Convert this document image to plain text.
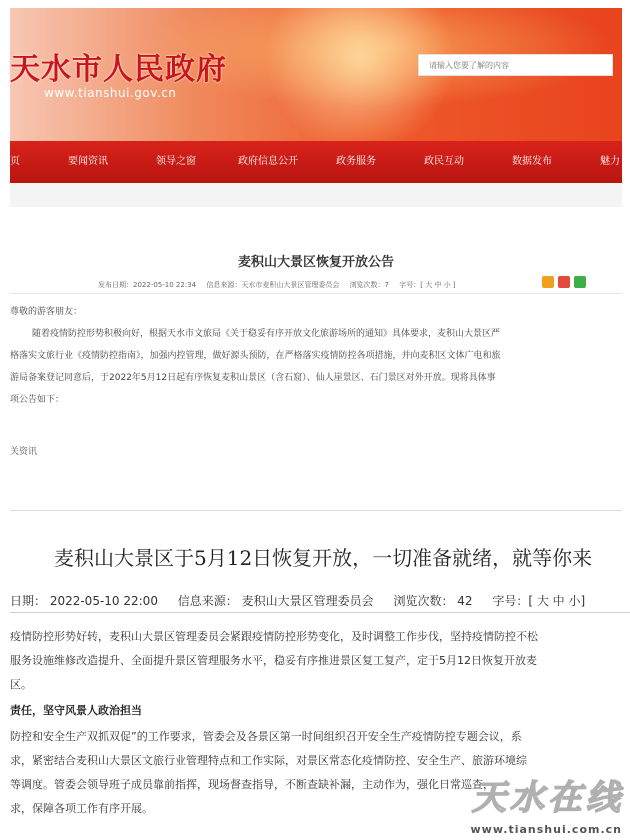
天水市人民政府
www.tianshui.gov.cn
请输入您要了解的内容
页	要闻资讯	领导之窗	政府信息公开	政务服务	政民互动	数据发布	魅力
麦积山大景区恢复开放公告
发布日期：2022-05-10 22:34 信息来源：天水市麦积山大景区管理委员会 浏览次数：7 字号：[ 大 中 小 ]
尊敬的游客朋友：
随着疫情防控形势积极向好，根据天水市文旅局《关于稳妥有序开放文化旅游场所的通知》具体要求，麦积山大景区严
格落实文旅行业《疫情防控指南》，加强内控管理，做好源头预防，在严格落实疫情防控各项措施，并向麦积区文体广电和旅
游局备案登记同意后，于2022年5月12日起有序恢复麦积山景区（含石窟）、仙人崖景区、石门景区对外开放。现将具体事
项公告如下：
关资讯
麦积山大景区于5月12日恢复开放，一切准备就绪，就等你来
日期： 2022-05-10 22:00 信息来源： 麦积山大景区管理委员会 浏览次数： 42 字号：[ 大 中 小]
疫情防控形势好转，麦积山大景区管理委员会紧跟疫情防控形势变化，及时调整工作步伐，坚持疫情防控不松
服务设施维修改造提升、全面提升景区管理服务水平，稳妥有序推进景区复工复产，定于5月12日恢复开放麦
区。
责任，坚守风景人政治担当
防控和安全生产双抓双促”的工作要求，管委会及各景区第一时间组织召开安全生产疫情防控专题会议，系
求，紧密结合麦积山大景区文旅行业管理特点和工作实际，对景区常态化疫情防控、安全生产、旅游环境综
等调度。管委会领导班子成员靠前指挥，现场督查指导，不断查缺补漏，主动作为，强化日常巡查，
求，保障各项工作有序开展。	天水在线
www.tianshui.com.cn
